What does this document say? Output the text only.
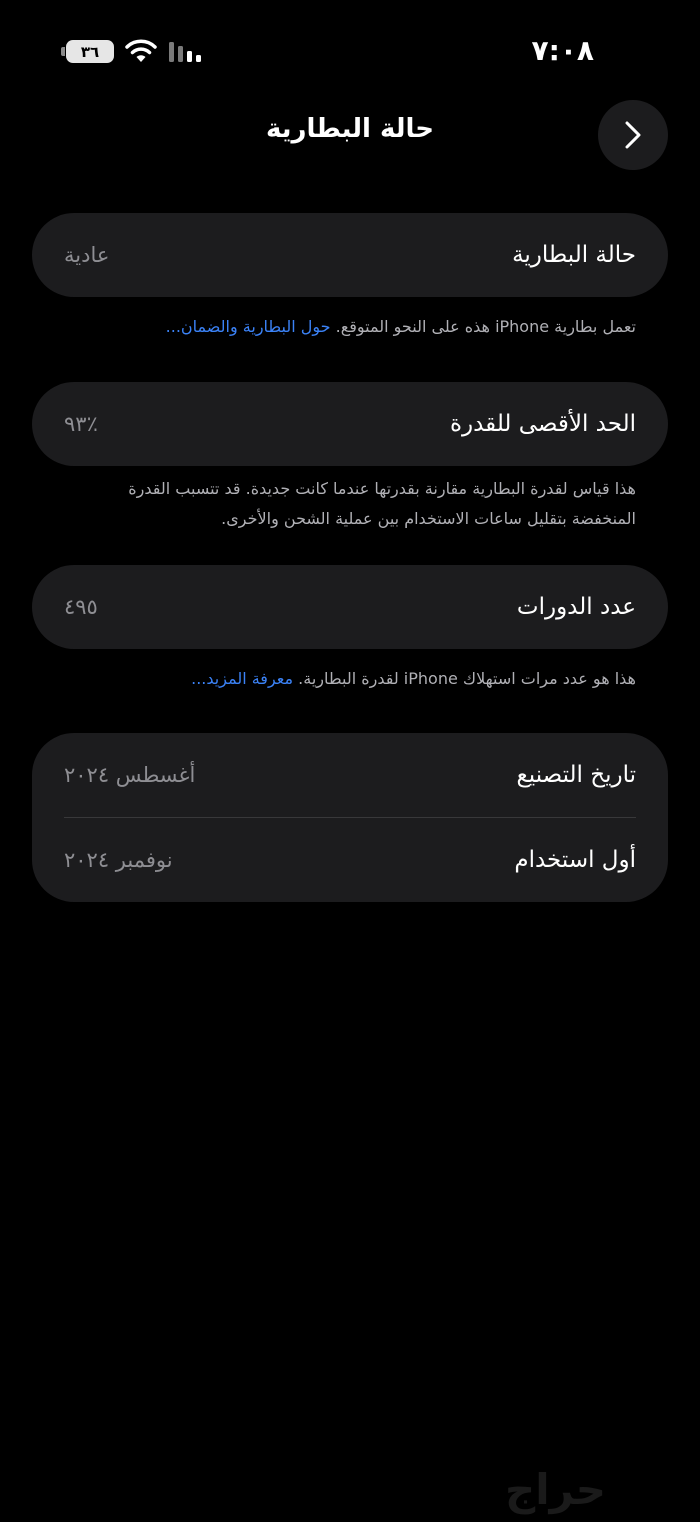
٧:٠٨
٣٦
حالة البطارية
حالة البطارية
عادية
تعمل بطارية iPhone هذه على النحو المتوقع. حول البطارية والضمان...
الحد الأقصى للقدرة
٪٩٣
هذا قياس لقدرة البطارية مقارنة بقدرتها عندما كانت جديدة. قد تتسبب القدرة المنخفضة بتقليل ساعات الاستخدام بين عملية الشحن والأخرى.
عدد الدورات
٤٩٥
هذا هو عدد مرات استهلاك iPhone لقدرة البطارية. معرفة المزيد...
تاريخ التصنيع
أغسطس ٢٠٢٤
أول استخدام
نوفمبر ٢٠٢٤
حراج
